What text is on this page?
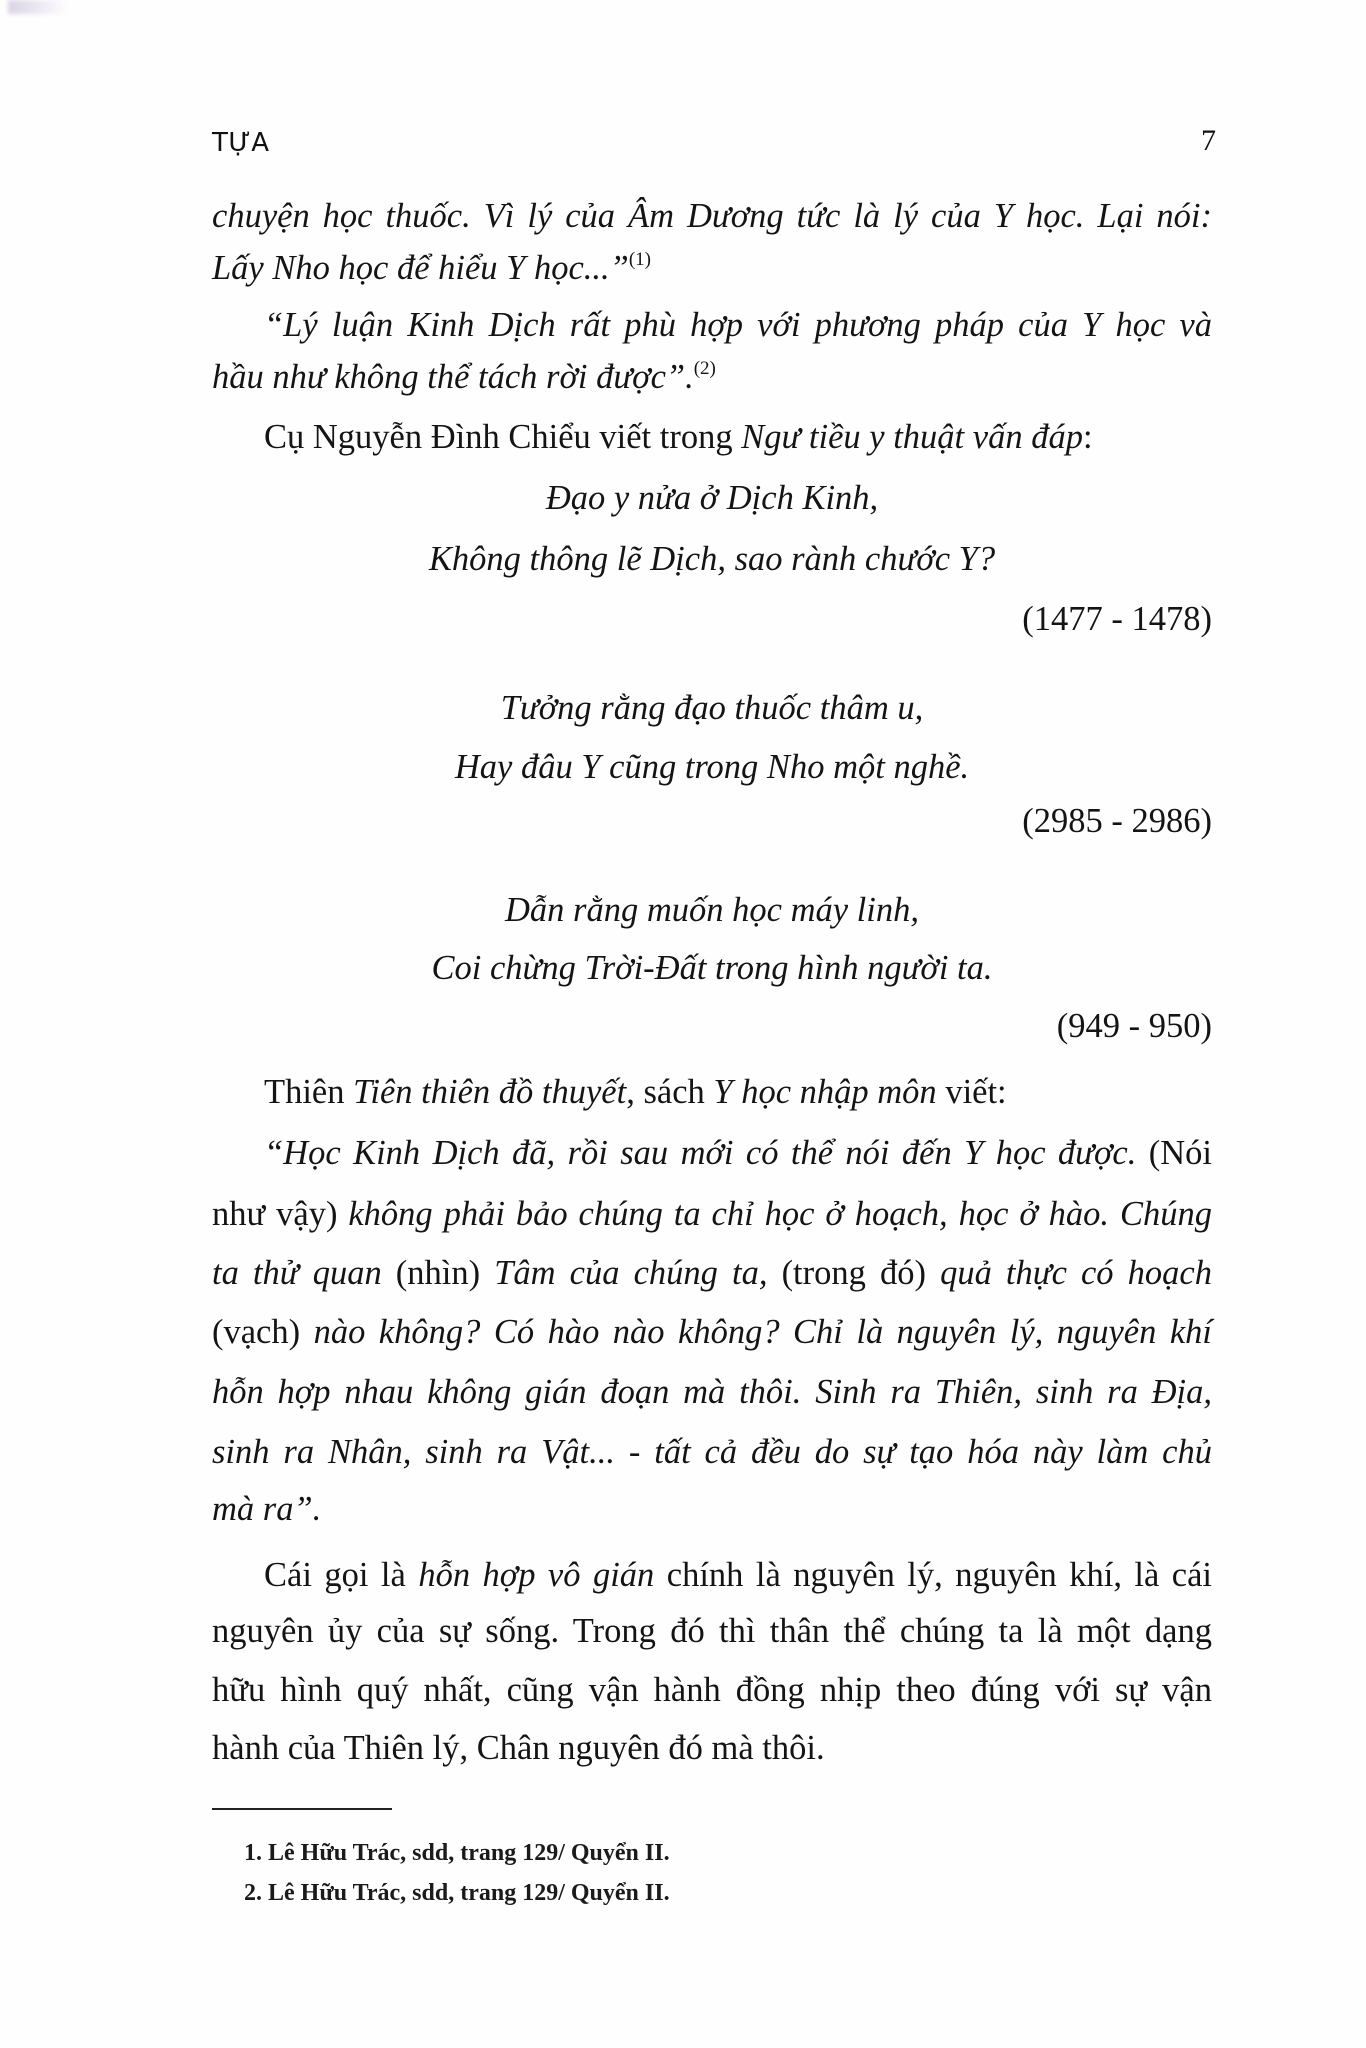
TỰA	7
chuyện học thuốc. Vì lý của Âm Dương tức là lý của Y học. Lại nói:
Lấy Nho học để hiểu Y học...”$^{(1)}$
“Lý luận Kinh Dịch rất phù hợp với phương pháp của Y học và
hầu như không thể tách rời được”.$^{(2)}$
Cụ Nguyễn Đình Chiểu viết trong Ngư tiều y thuật vấn đáp:
Đạo y nửa ở Dịch Kinh,
Không thông lẽ Dịch, sao rành chước Y?
(1477 - 1478)
Tưởng rằng đạo thuốc thâm u,
Hay đâu Y cũng trong Nho một nghề.
(2985 - 2986)
Dẫn rằng muốn học máy linh,
Coi chừng Trời-Đất trong hình người ta.
(949 - 950)
Thiên Tiên thiên đồ thuyết, sách Y học nhập môn viết:
“Học Kinh Dịch đã, rồi sau mới có thể nói đến Y học được. (Nói
như vậy) không phải bảo chúng ta chỉ học ở hoạch, học ở hào. Chúng
ta thử quan (nhìn) Tâm của chúng ta, (trong đó) quả thực có hoạch
(vạch) nào không? Có hào nào không? Chỉ là nguyên lý, nguyên khí
hỗn hợp nhau không gián đoạn mà thôi. Sinh ra Thiên, sinh ra Địa,
sinh ra Nhân, sinh ra Vật... - tất cả đều do sự tạo hóa này làm chủ
mà ra”.
Cái gọi là hỗn hợp vô gián chính là nguyên lý, nguyên khí, là cái
nguyên ủy của sự sống. Trong đó thì thân thể chúng ta là một dạng
hữu hình quý nhất, cũng vận hành đồng nhịp theo đúng với sự vận
hành của Thiên lý, Chân nguyên đó mà thôi.
1. Lê Hữu Trác, sdd, trang 129/ Quyển II.
2. Lê Hữu Trác, sdd, trang 129/ Quyển II.
